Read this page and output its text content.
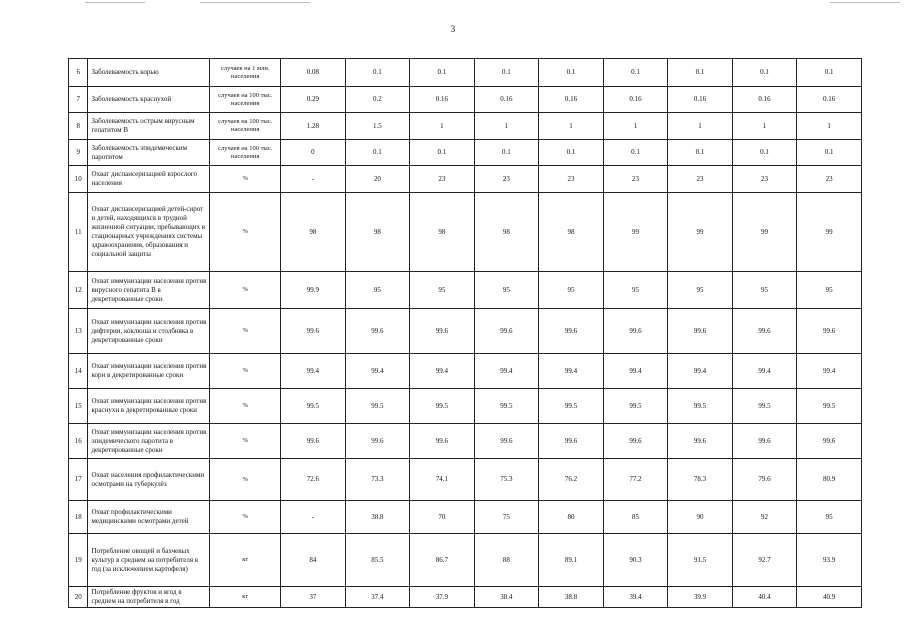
3
6	Заболеваемость корью	случаев на 1 млн. населения	0.08	0.1	0.1	0.1	0.1	0.1	0.1	0.1	0.1
7	Заболеваемость краснухой	случаев на 100 тыс. населения	0.29	0.2	0.16	0.16	0.16	0.16	0.16	0.16	0.16
8	Заболеваемость острым вирусным гепатитом В	случаев на 100 тыс. населения	1.28	1.5	1	1	1	1	1	1	1
9	Заболеваемость эпидемическим паротитом	случаев на 100 тыс. населения	0	0.1	0.1	0.1	0.1	0.1	0.1	0.1	0.1
10	Охват диспансеризацией взрослого населения	%	-	20	23	23	23	23	23	23	23
11	Охват диспансеризацией детей-сирот и детей, находящихся в трудной жизненной ситуации, пребывающих в стационарных учреждениях системы здравоохранения, образования и социальной защиты	%	98	98	98	98	98	99	99	99	99
12	Охват иммунизации населения против вирусного гепатита В в декретированные сроки	%	99.9	95	95	95	95	95	95	95	95
13	Охват иммунизации населения против дифтерии, коклюша и столбняка в декретированные сроки	%	99.6	99.6	99.6	99.6	99.6	99.6	99.6	99.6	99.6
14	Охват иммунизации населения против кори в декретированные сроки	%	99.4	99.4	99.4	99.4	99.4	99.4	99.4	99.4	99.4
15	Охват иммунизации населения против краснухи в декретированные сроки	%	99.5	99.5	99.5	99.5	99.5	99.5	99.5	99.5	99.5
16	Охват иммунизации населения против эпидемического паротита в декретированные сроки	%	99.6	99.6	99.6	99.6	99.6	99.6	99.6	99.6	99.6
17	Охват населения профилактическими осмотрами на туберкулёз	%	72.6	73.3	74.1	75.3	76.2	77.2	78.3	79.6	80.9
18	Охват профилактическими медицинскими осмотрами детей	%	-	38.8	70	75	80	85	90	92	95
19	Потребление овощей и бахчевых культур в среднем на потребителя в год (за исключением картофеля)	кг	84	85.5	86.7	88	89.1	90.3	91.5	92.7	93.9
20	Потребление фруктов и ягод в среднем на потребителя в год	кг	37	37.4	37.9	38.4	38.8	39.4	39.9	40.4	40.9
